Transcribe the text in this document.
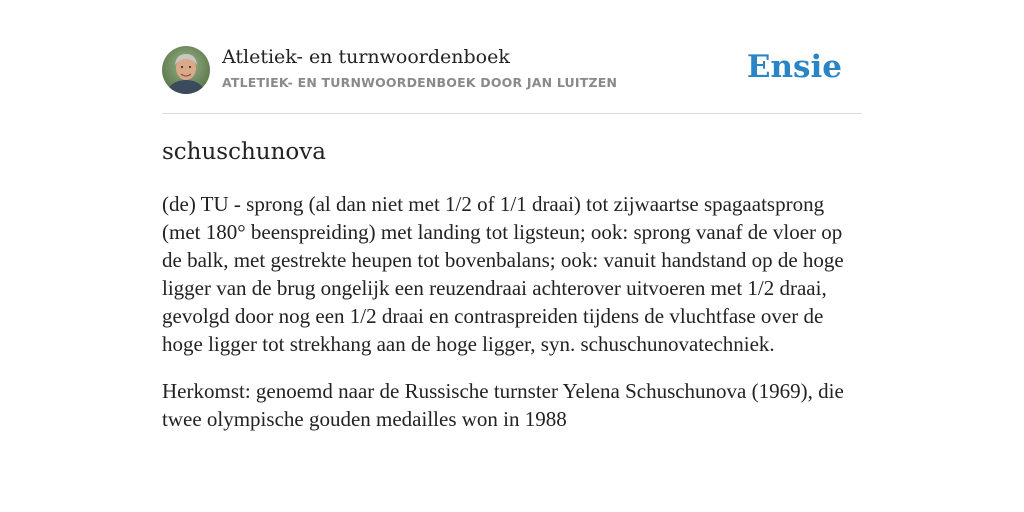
Atletiek- en turnwoordenboek
ATLETIEK- EN TURNWOORDENBOEK DOOR JAN LUITZEN	Ensie
schuschunova

(de) TU - sprong (al dan niet met 1/2 of 1/1 draai) tot zijwaartse spagaatsprong (met 180° beenspreiding) met landing tot ligsteun; ook: sprong vanaf de vloer op de balk, met gestrekte heupen tot bovenbalans; ook: vanuit handstand op de hoge ligger van de brug ongelijk een reuzendraai achterover uitvoeren met 1/2 draai, gevolgd door nog een 1/2 draai en contraspreiden tijdens de vluchtfase over de hoge ligger tot strekhang aan de hoge ligger, syn. schuschunovatechniek.

Herkomst: genoemd naar de Russische turnster Yelena Schuschunova (1969), die twee olympische gouden medailles won in 1988
